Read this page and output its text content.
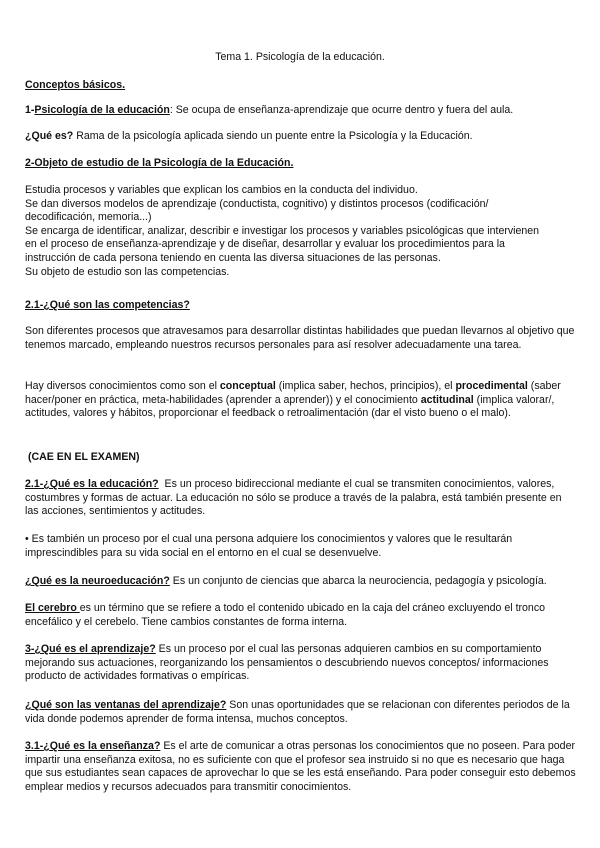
Tema 1. Psicología de la educación.

Conceptos básicos.

1-Psicología de la educación: Se ocupa de enseñanza-aprendizaje que ocurre dentro y fuera del aula.

¿Qué es? Rama de la psicología aplicada siendo un puente entre la Psicología y la Educación.

2-Objeto de estudio de la Psicología de la Educación.

Estudia procesos y variables que explican los cambios en la conducta del individuo.
Se dan diversos modelos de aprendizaje (conductista, cognitivo) y distintos procesos (codificación/
decodificación, memoria...)
Se encarga de identificar, analizar, describir e investigar los procesos y variables psicológicas que intervienen
en el proceso de enseñanza-aprendizaje y de diseñar, desarrollar y evaluar los procedimientos para la
instrucción de cada persona teniendo en cuenta las diversa situaciones de las personas.
Su objeto de estudio son las competencias.

2.1-¿Qué son las competencias?

Son diferentes procesos que atravesamos para desarrollar distintas habilidades que puedan llevarnos al objetivo que tenemos marcado, empleando nuestros recursos personales para así resolver adecuadamente una tarea.

Hay diversos conocimientos como son el conceptual (implica saber, hechos, principios), el procedimental (saber hacer/poner en práctica, meta-habilidades (aprender a aprender)) y el conocimiento actitudinal (implica valorar/, actitudes, valores y hábitos, proporcionar el feedback o retroalimentación (dar el visto bueno o el malo).

(CAE EN EL EXAMEN)

2.1-¿Qué es la educación?  Es un proceso bidireccional mediante el cual se transmiten conocimientos, valores, costumbres y formas de actuar. La educación no sólo se produce a través de la palabra, está también presente en las acciones, sentimientos y actitudes.

• Es también un proceso por el cual una persona adquiere los conocimientos y valores que le resultarán imprescindibles para su vida social en el entorno en el cual se desenvuelve.

¿Qué es la neuroeducación? Es un conjunto de ciencias que abarca la neurociencia, pedagogía y psicología.

El cerebro es un término que se refiere a todo el contenido ubicado en la caja del cráneo excluyendo el tronco encefálico y el cerebelo. Tiene cambios constantes de forma interna.

3-¿Qué es el aprendizaje? Es un proceso por el cual las personas adquieren cambios en su comportamiento mejorando sus actuaciones, reorganizando los pensamientos o descubriendo nuevos conceptos/ informaciones producto de actividades formativas o empíricas.

¿Qué son las ventanas del aprendizaje? Son unas oportunidades que se relacionan con diferentes periodos de la vida donde podemos aprender de forma intensa, muchos conceptos.

3.1-¿Qué es la enseñanza? Es el arte de comunicar a otras personas los conocimientos que no poseen. Para poder impartir una enseñanza exitosa, no es suficiente con que el profesor sea instruido si no que es necesario que haga que sus estudiantes sean capaces de aprovechar lo que se les está enseñando. Para poder conseguir esto debemos emplear medios y recursos adecuados para transmitir conocimientos.
